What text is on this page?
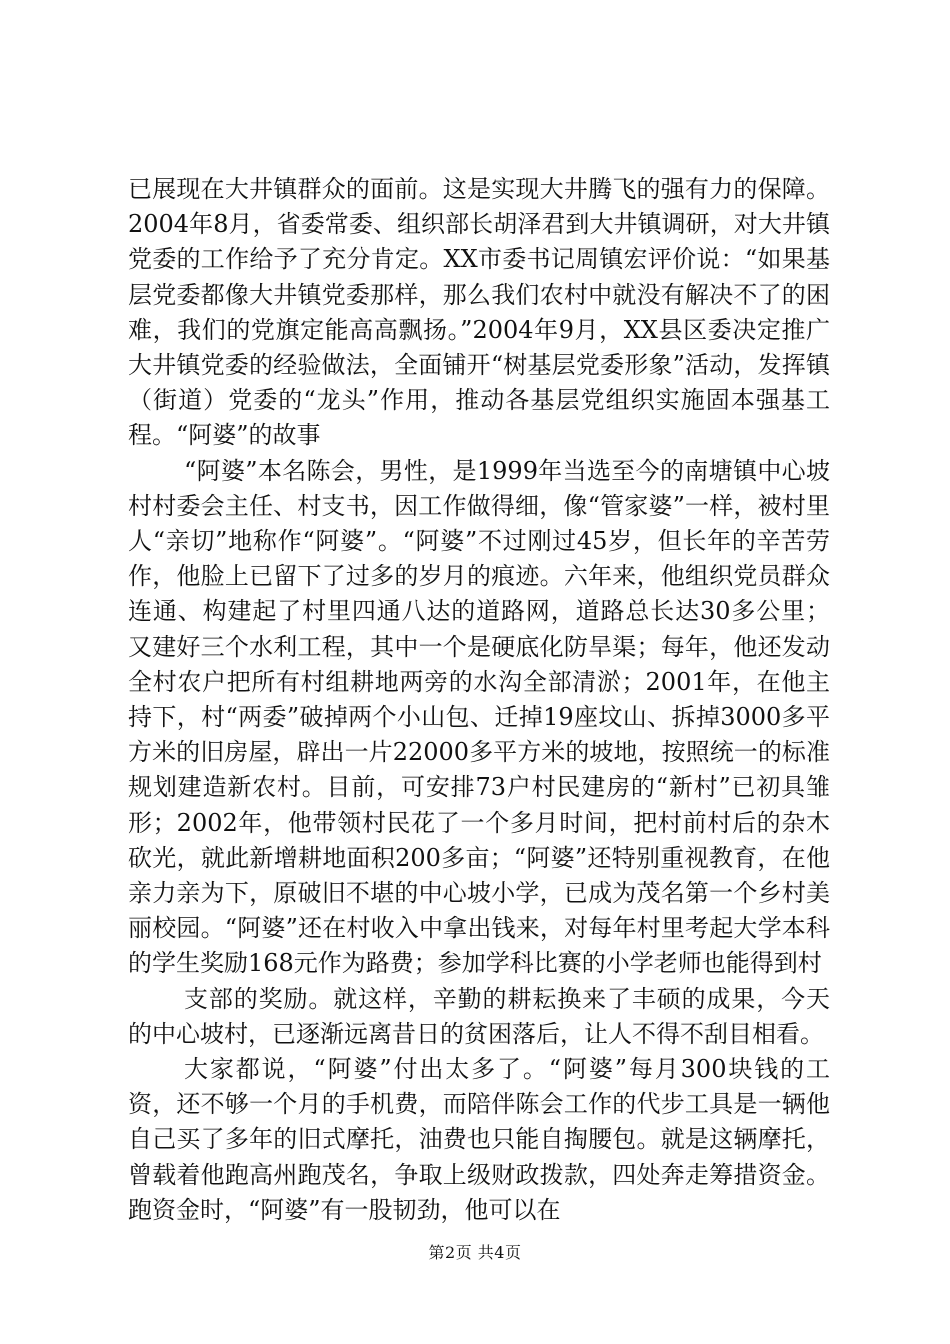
已展现在大井镇群众的面前。这是实现大井腾飞的强有力的保障。2004年8月，省委常委、组织部长胡泽君到大井镇调研，对大井镇党委的工作给予了充分肯定。XX市委书记周镇宏评价说：“如果基层党委都像大井镇党委那样，那么我们农村中就没有解决不了的困难，我们的党旗定能高高飘扬。”2004年9月，XX县区委决定推广大井镇党委的经验做法，全面铺开“树基层党委形象”活动，发挥镇（街道）党委的“龙头”作用，推动各基层党组织实施固本强基工程。“阿婆”的故事

“阿婆”本名陈会，男性，是1999年当选至今的南塘镇中心坡村村委会主任、村支书，因工作做得细，像“管家婆”一样，被村里人“亲切”地称作“阿婆”。“阿婆”不过刚过45岁，但长年的辛苦劳作，他脸上已留下了过多的岁月的痕迹。六年来，他组织党员群众连通、构建起了村里四通八达的道路网，道路总长达30多公里；又建好三个水利工程，其中一个是硬底化防旱渠；每年，他还发动全村农户把所有村组耕地两旁的水沟全部清淤；2001年，在他主持下，村“两委”破掉两个小山包、迁掉19座坟山、拆掉3000多平方米的旧房屋，辟出一片22000多平方米的坡地，按照统一的标准规划建造新农村。目前，可安排73户村民建房的“新村”已初具雏形；2002年，他带领村民花了一个多月时间，把村前村后的杂木砍光，就此新增耕地面积200多亩；“阿婆”还特别重视教育，在他亲力亲为下，原破旧不堪的中心坡小学，已成为茂名第一个乡村美丽校园。“阿婆”还在村收入中拿出钱来，对每年村里考起大学本科的学生奖励168元作为路费；参加学科比赛的小学老师也能得到村

支部的奖励。就这样，辛勤的耕耘换来了丰硕的成果，今天的中心坡村，已逐渐远离昔日的贫困落后，让人不得不刮目相看。

大家都说，“阿婆”付出太多了。“阿婆”每月300块钱的工资，还不够一个月的手机费，而陪伴陈会工作的代步工具是一辆他自己买了多年的旧式摩托，油费也只能自掏腰包。就是这辆摩托，曾载着他跑高州跑茂名，争取上级财政拨款，四处奔走筹措资金。跑资金时，“阿婆”有一股韧劲，他可以在

第2页 共4页
